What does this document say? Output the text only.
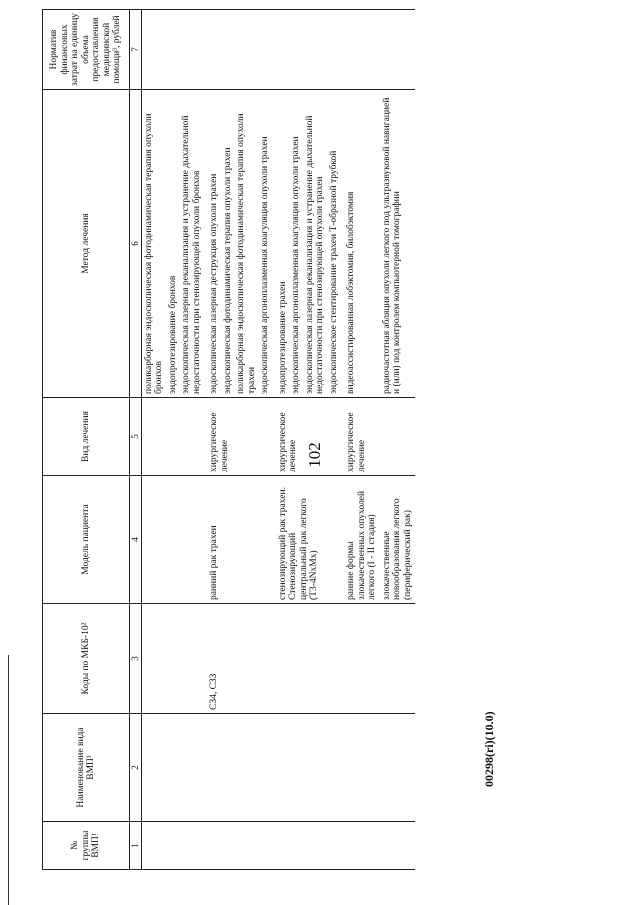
102
00298(ri)(10.0)
№ группы ВМП¹	Наименование вида ВМП¹	Коды по МКБ-10²	Модель пациента	Вид лечения	Метод лечения	Норматив финансовых затрат на единицу объема предоставления медицинской помощи³, рублей
1	2	3	4	5	6	7

					поликарборная эндоскопическая фотодинамическая терапия опухоли бронхов эндопротезирование бронхов эндоскопическая лазерная реканализация и устранение дыхательной недостаточности при стенозирующей опухоли бронхов	

		C34, C33	ранний рак трахеи	хирургическое лечение	эндоскопическая лазерная деструкция опухоли трахеи эндоскопическая фотодинамическая терапия опухоли трахеи поликарборная эндоскопическая фотодинамическая терапия опухоли трахеи эндоскопическая аргоноплазменная коагуляция опухоли трахеи	

			стенозирующий рак трахеи. Стенозирующий центральный рак легкого (Т3-4NxMx)	хирургическое лечение	эндопротезирование трахеи эндоскопическая аргоноплазменная коагуляция опухоли трахеи эндоскопическая лазерная реканализация и устранение дыхательной недостаточности при стенозирующей опухоли трахеи эндоскопическое стентирование трахеи Т-образной трубкой	

			ранние формы злокачественных опухолей легкого (I - II стадия)	хирургическое лечение	видеоассистированная лобэктомия, билобэктомия	

			злокачественные новообразования легкого (периферический рак)		радиочастотная абляция опухоли легкого под ультразвуковой навигацией и (или) под контролем компьютерной томографии	
